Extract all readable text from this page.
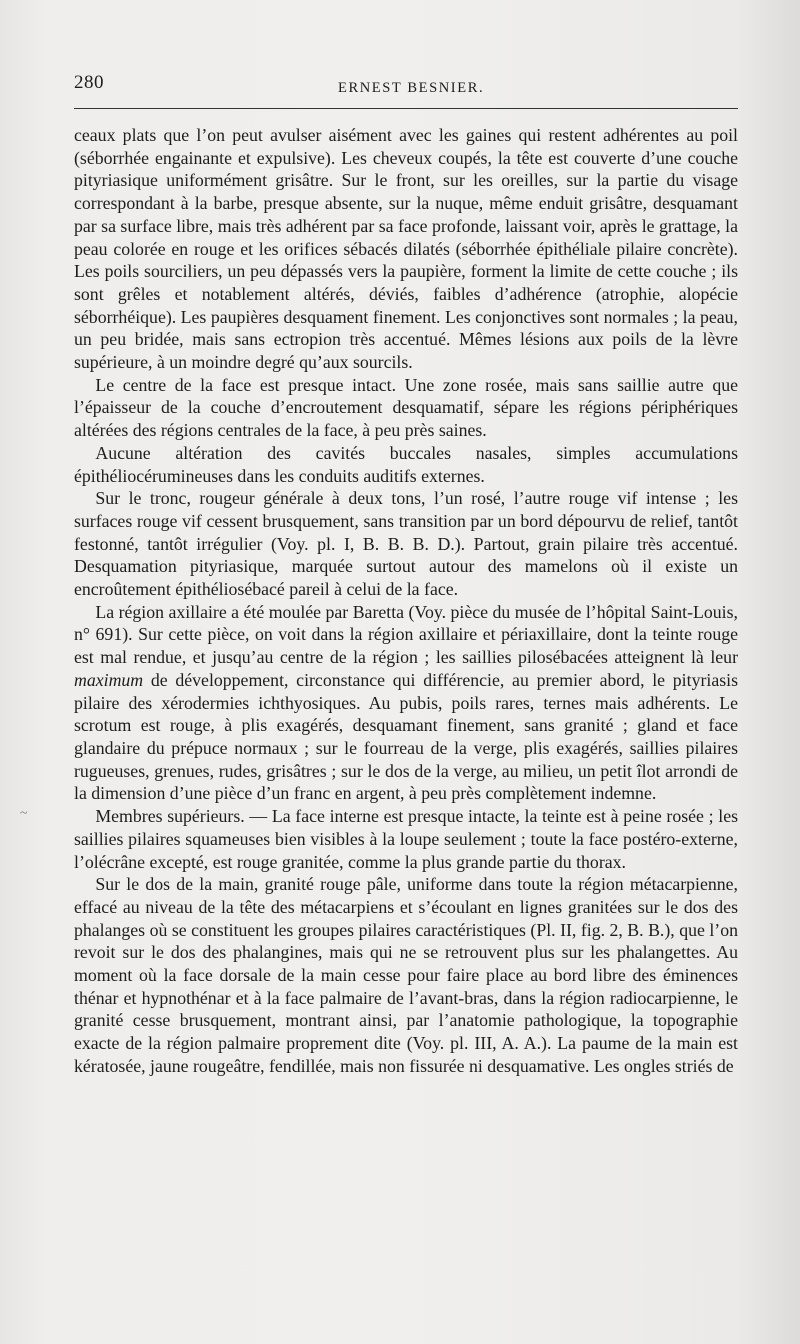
280	ERNEST BESNIER.
~

ceaux plats que l’on peut avulser aisément avec les gaines qui restent adhérentes au poil (séborrhée engainante et expulsive). Les cheveux coupés, la tête est couverte d’une couche pityriasique uniformément grisâtre. Sur le front, sur les oreilles, sur la partie du visage correspondant à la barbe, presque absente, sur la nuque, même enduit grisâtre, desquamant par sa surface libre, mais très adhérent par sa face profonde, laissant voir, après le grattage, la peau colorée en rouge et les orifices sébacés dilatés (séborrhée épithéliale pilaire concrète). Les poils sourciliers, un peu dépassés vers la paupière, forment la limite de cette couche ; ils sont grêles et notablement altérés, déviés, faibles d’adhérence (atrophie, alopécie séborrhéique). Les paupières desquament finement. Les conjonctives sont normales ; la peau, un peu bridée, mais sans ectropion très accentué. Mêmes lésions aux poils de la lèvre supérieure, à un moindre degré qu’aux sourcils.

Le centre de la face est presque intact. Une zone rosée, mais sans saillie autre que l’épaisseur de la couche d’encroutement desquamatif, sépare les régions périphériques altérées des régions centrales de la face, à peu près saines.

Aucune altération des cavités buccales nasales, simples accumulations épithéliocérumineuses dans les conduits auditifs externes.

Sur le tronc, rougeur générale à deux tons, l’un rosé, l’autre rouge vif intense ; les surfaces rouge vif cessent brusquement, sans transition par un bord dépourvu de relief, tantôt festonné, tantôt irrégulier (Voy. pl. I, B. B. B. D.). Partout, grain pilaire très accentué. Desquamation pityriasique, marquée surtout autour des mamelons où il existe un encroûtement épithéliosébacé pareil à celui de la face.

La région axillaire a été moulée par Baretta (Voy. pièce du musée de l’hôpital Saint-Louis, n° 691). Sur cette pièce, on voit dans la région axillaire et périaxillaire, dont la teinte rouge est mal rendue, et jusqu’au centre de la région ; les saillies pilosébacées atteignent là leur maximum de développement, circonstance qui différencie, au premier abord, le pityriasis pilaire des xérodermies ichthyosiques. Au pubis, poils rares, ternes mais adhérents. Le scrotum est rouge, à plis exagérés, desquamant finement, sans granité ; gland et face glandaire du prépuce normaux ; sur le fourreau de la verge, plis exagérés, saillies pilaires rugueuses, grenues, rudes, grisâtres ; sur le dos de la verge, au milieu, un petit îlot arrondi de la dimension d’une pièce d’un franc en argent, à peu près complètement indemne.

Membres supérieurs. — La face interne est presque intacte, la teinte est à peine rosée ; les saillies pilaires squameuses bien visibles à la loupe seulement ; toute la face postéro-externe, l’olécrâne excepté, est rouge granitée, comme la plus grande partie du thorax.

Sur le dos de la main, granité rouge pâle, uniforme dans toute la région métacarpienne, effacé au niveau de la tête des métacarpiens et s’écoulant en lignes granitées sur le dos des phalanges où se constituent les groupes pilaires caractéristiques (Pl. II, fig. 2, B. B.), que l’on revoit sur le dos des phalangines, mais qui ne se retrouvent plus sur les phalangettes. Au moment où la face dorsale de la main cesse pour faire place au bord libre des éminences thénar et hypnothénar et à la face palmaire de l’avant-bras, dans la région radiocarpienne, le granité cesse brusquement, montrant ainsi, par l’anatomie pathologique, la topographie exacte de la région palmaire proprement dite (Voy. pl. III, A. A.). La paume de la main est kératosée, jaune rougeâtre, fendillée, mais non fissurée ni desquamative. Les ongles striés de
